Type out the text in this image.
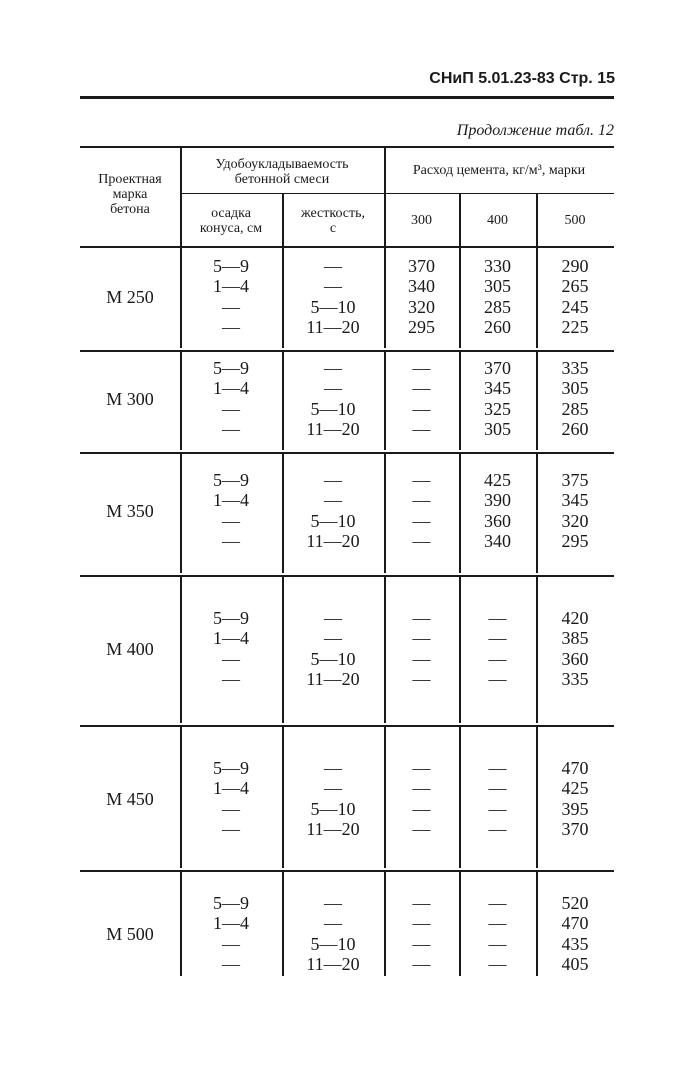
СНиП 5.01.23-83 Стр. 15
Продолжение табл. 12
Проектная
марка
бетона
Удобоукладываемость
бетонной смеси
осадка
конуса, см
жесткость,
с
Расход цемента, кг/м³, марки
300	400	500
М 250
5—9
1—4
—
—
—
—
5—10
11—20
370
340
320
295
330
305
285
260
290
265
245
225
М 300
5—9
1—4
—
—
—
—
5—10
11—20
—
—
—
—
370
345
325
305
335
305
285
260
М 350
5—9
1—4
—
—
—
—
5—10
11—20
—
—
—
—
425
390
360
340
375
345
320
295
М 400
5—9
1—4
—
—
—
—
5—10
11—20
—
—
—
—
—
—
—
—
420
385
360
335
М 450
5—9
1—4
—
—
—
—
5—10
11—20
—
—
—
—
—
—
—
—
470
425
395
370
М 500
5—9
1—4
—
—
—
—
5—10
11—20
—
—
—
—
—
—
—
—
520
470
435
405
